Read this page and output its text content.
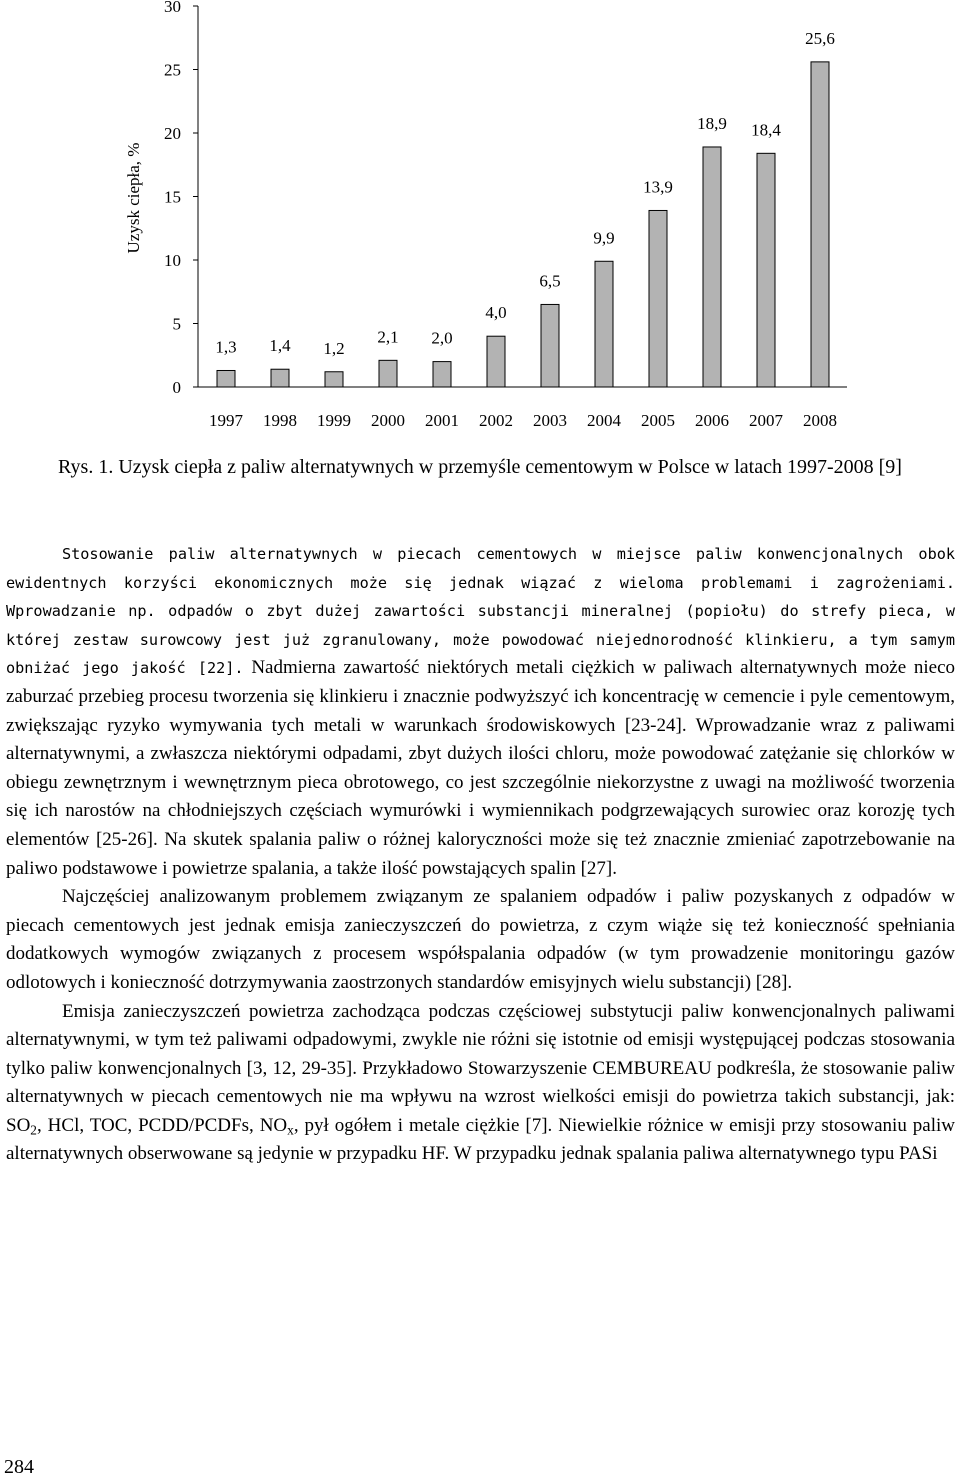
Uzysk ciepła, %
0
5
10
15
20
25
30
1,3 1,4 1,2
2,1 2,0
4,0
6,5
9,9
13,9
18,9 18,4
25,6
1997 1998 1999 2000 2001 2002 2003 2004 2005 2006 2007 2008
Rys. 1. Uzysk ciepła z paliw alternatywnych w przemyśle cementowym w Polsce w latach 1997-2008 [9]

Stosowanie paliw alternatywnych w piecach cementowych w miejsce paliw konwencjonalnych obok ewidentnych korzyści ekonomicznych może się jednak wiązać z wieloma problemami i zagrożeniami. Wprowadzanie np. odpadów o zbyt dużej zawartości substancji mineralnej (popiołu) do strefy pieca, w której zestaw surowcowy jest już zgranulowany, może powodować niejednorodność klinkieru, a tym samym obniżać jego jakość [22]. Nadmierna zawartość niektórych metali ciężkich w paliwach alternatywnych może nieco zaburzać przebieg procesu tworzenia się klinkieru i znacznie podwyższyć ich koncentrację w cemencie i pyle cementowym, zwiększając ryzyko wymywania tych metali w warunkach środowiskowych [23-24]. Wprowadzanie wraz z paliwami alternatywnymi, a zwłaszcza niektórymi odpadami, zbyt dużych ilości chloru, może powodować zatężanie się chlorków w obiegu zewnętrznym i wewnętrznym pieca obrotowego, co jest szczególnie niekorzystne z uwagi na możliwość tworzenia się ich narostów na chłodniejszych częściach wymurówki i wymiennikach podgrzewających surowiec oraz korozję tych elementów [25-26]. Na skutek spalania paliw o różnej kaloryczności może się też znacznie zmieniać zapotrzebowanie na paliwo podstawowe i powietrze spalania, a także ilość powstających spalin [27].

Najczęściej analizowanym problemem związanym ze spalaniem odpadów i paliw pozyskanych z odpadów w piecach cementowych jest jednak emisja zanieczyszczeń do powietrza, z czym wiąże się też konieczność spełniania dodatkowych wymogów związanych z procesem współspalania odpadów (w tym prowadzenie monitoringu gazów odlotowych i konieczność dotrzymywania zaostrzonych standardów emisyjnych wielu substancji) [28].

Emisja zanieczyszczeń powietrza zachodząca podczas częściowej substytucji paliw konwencjonalnych paliwami alternatywnymi, w tym też paliwami odpadowymi, zwykle nie różni się istotnie od emisji występującej podczas stosowania tylko paliw konwencjonalnych [3, 12, 29-35]. Przykładowo Stowarzyszenie CEMBUREAU podkreśla, że stosowanie paliw alternatywnych w piecach cementowych nie ma wpływu na wzrost wielkości emisji do powietrza takich substancji, jak: $SO_2$, HCl, TOC, PCDD/PCDFs, $NO_x$, pył ogółem i metale ciężkie [7]. Niewielkie różnice w emisji przy stosowaniu paliw alternatywnych obserwowane są jedynie w przypadku HF. W przypadku jednak spalania paliwa alternatywnego typu PASi

284
